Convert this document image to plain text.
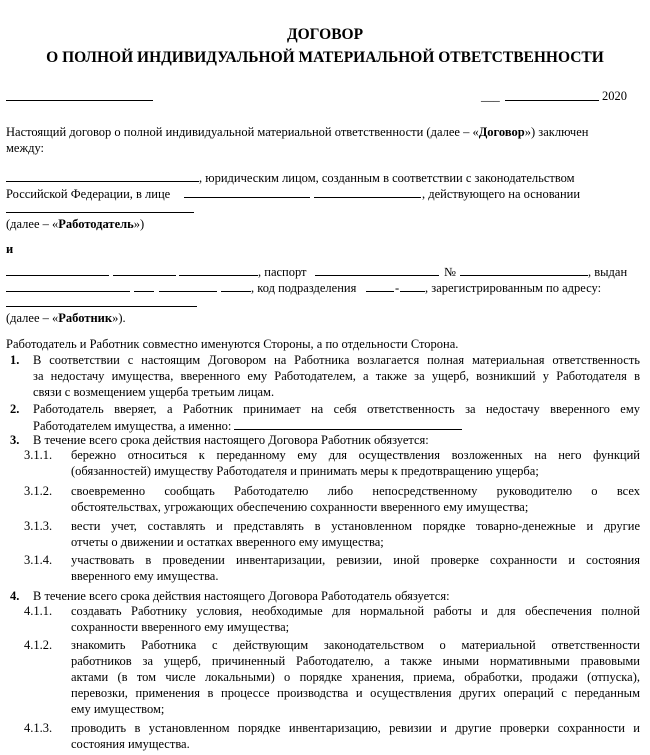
ДОГОВОР
О ПОЛНОЙ ИНДИВИДУАЛЬНОЙ МАТЕРИАЛЬНОЙ ОТВЕТСТВЕННОСТИ
___	2020
Настоящий договор о полной индивидуальной материальной ответственности (далее – «Договор») заключен
между:
, юридическим лицом, созданным в соответствии с законодательством
Российской Федерации, в лице	, действующего на основании
(далее – «Работодатель»)
и
, паспорт	№	, выдан
, код подразделения	- , зарегистрированным по адресу:
(далее – «Работник»).
Работодатель и Работник совместно именуются Стороны, а по отдельности Сторона.
1. В соответствии с настоящим Договором на Работника возлагается полная материальная ответственность
за недостачу имущества, вверенного ему Работодателем, а также за ущерб, возникший у Работодателя в
связи с возмещением ущерба третьим лицам.
2. Работодатель вверяет, а Работник принимает на себя ответственность за недостачу вверенного ему
Работодателем имущества, а именно:
3. В течение всего срока действия настоящего Договора Работник обязуется:
3.1.1. бережно относиться к переданному ему для осуществления возложенных на него функций
(обязанностей) имуществу Работодателя и принимать меры к предотвращению ущерба;
3.1.2. своевременно сообщать Работодателю либо непосредственному руководителю о всех
обстоятельствах, угрожающих обеспечению сохранности вверенного ему имущества;
3.1.3. вести учет, составлять и представлять в установленном порядке товарно-денежные и другие
отчеты о движении и остатках вверенного ему имущества;
3.1.4. участвовать в проведении инвентаризации, ревизии, иной проверке сохранности и состояния
вверенного ему имущества.
4. В течение всего срока действия настоящего Договора Работодатель обязуется:
4.1.1. создавать Работнику условия, необходимые для нормальной работы и для обеспечения полной
сохранности вверенного ему имущества;
4.1.2. знакомить Работника с действующим законодательством о материальной ответственности
работников за ущерб, причиненный Работодателю, а также иными нормативными правовыми
актами (в том числе локальными) о порядке хранения, приема, обработки, продажи (отпуска),
перевозки, применения в процессе производства и осуществления других операций с переданным
ему имуществом;
4.1.3. проводить в установленном порядке инвентаризацию, ревизии и другие проверки сохранности и
состояния имущества.
